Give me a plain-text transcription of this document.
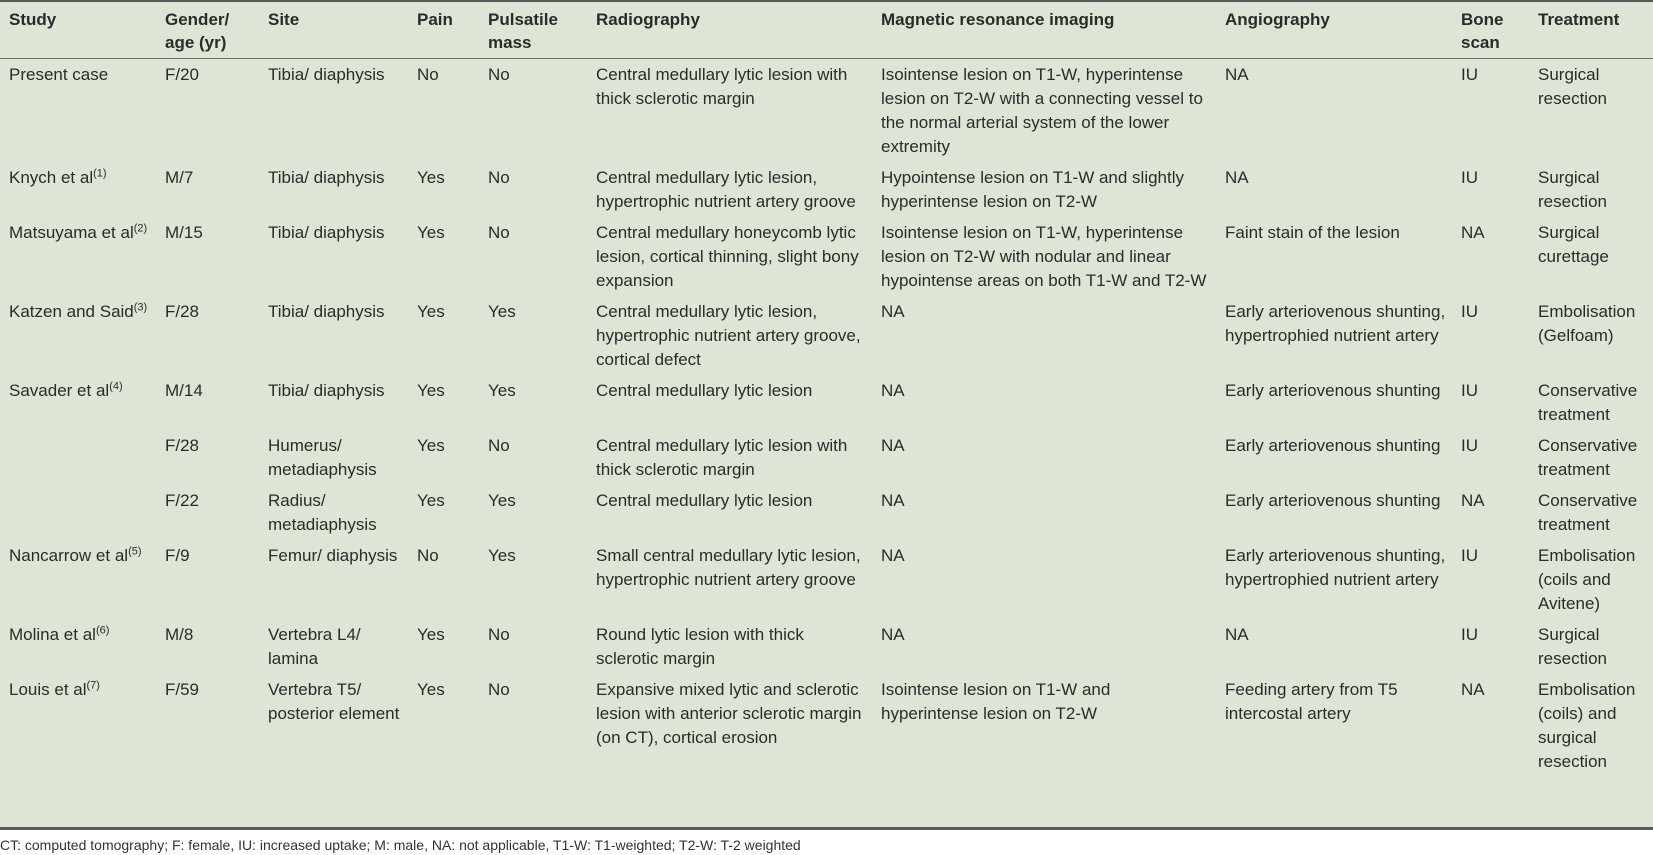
Study	Gender/ age (yr)	Site	Pain	Pulsatile mass	Radiography	Magnetic resonance imaging	Angiography	Bone scan	Treatment
Present case	F/20	Tibia/ diaphysis	No	No	Central medullary lytic lesion with thick sclerotic margin	Isointense lesion on T1-W, hyperintense lesion on T2-W with a connecting vessel to the normal arterial system of the lower extremity	NA	IU	Surgical resection
Knych et $al^{(1)}$	M/7	Tibia/ diaphysis	Yes	No	Central medullary lytic lesion, hypertrophic nutrient artery groove	Hypointense lesion on T1-W and slightly hyperintense lesion on T2-W	NA	IU	Surgical resection
Matsuyama et $al^{(2)}$	M/15	Tibia/ diaphysis	Yes	No	Central medullary honeycomb lytic lesion, cortical thinning, slight bony expansion	Isointense lesion on T1-W, hyperintense lesion on T2-W with nodular and linear hypointense areas on both T1-W and T2-W	Faint stain of the lesion	NA	Surgical curettage
Katzen and Said$^{(3)}$	F/28	Tibia/ diaphysis	Yes	Yes	Central medullary lytic lesion, hypertrophic nutrient artery groove, cortical defect	NA	Early arteriovenous shunting, hypertrophied nutrient artery	IU	Embolisation (Gelfoam)
Savader et $al^{(4)}$	M/14	Tibia/ diaphysis	Yes	Yes	Central medullary lytic lesion	NA	Early arteriovenous shunting	IU	Conservative treatment
	F/28	Humerus/ metadiaphysis	Yes	No	Central medullary lytic lesion with thick sclerotic margin	NA	Early arteriovenous shunting	IU	Conservative treatment
	F/22	Radius/ metadiaphysis	Yes	Yes	Central medullary lytic lesion	NA	Early arteriovenous shunting	NA	Conservative treatment
Nancarrow et $al^{(5)}$	F/9	Femur/ diaphysis	No	Yes	Small central medullary lytic lesion, hypertrophic nutrient artery groove	NA	Early arteriovenous shunting, hypertrophied nutrient artery	IU	Embolisation (coils and Avitene)
Molina et $al^{(6)}$	M/8	Vertebra L4/ lamina	Yes	No	Round lytic lesion with thick sclerotic margin	NA	NA	IU	Surgical resection
Louis et $al^{(7)}$	F/59	Vertebra T5/ posterior element	Yes	No	Expansive mixed lytic and sclerotic lesion with anterior sclerotic margin (on CT), cortical erosion	Isointense lesion on T1-W and hyperintense lesion on T2-W	Feeding artery from T5 intercostal artery	NA	Embolisation (coils) and surgical resection
CT: computed tomography; F: female, IU: increased uptake; M: male, NA: not applicable, T1-W: T1-weighted; T2-W: T-2 weighted
